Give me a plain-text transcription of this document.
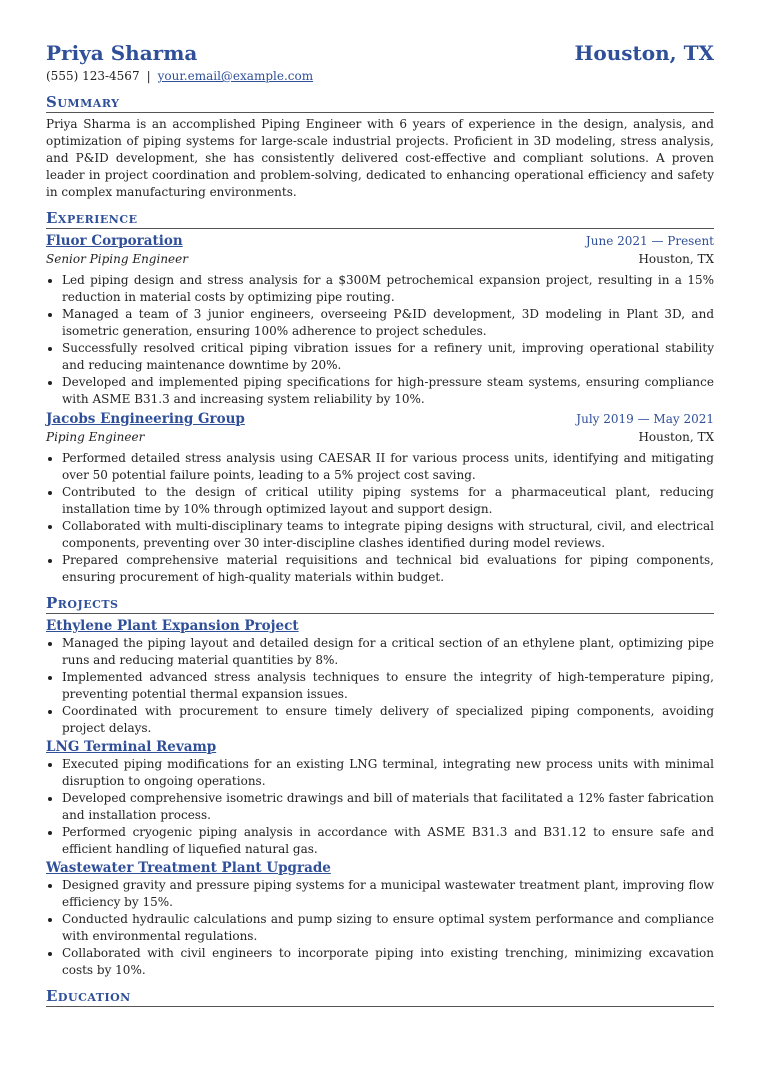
Priya Sharma	Houston, TX
(555) 123-4567 | your.email@example.com
Summary

Priya Sharma is an accomplished Piping Engineer with 6 years of experience in the design, analysis, and optimization of piping systems for large-scale industrial projects. Proficient in 3D modeling, stress analysis, and P&ID development, she has consistently delivered cost-effective and compliant solutions. A proven leader in project coordination and problem-solving, dedicated to enhancing operational efficiency and safety in complex manufacturing environments.

Experience
Fluor Corporation	June 2021 — Present
Senior Piping Engineer	Houston, TX
• Led piping design and stress analysis for a $300M petrochemical expansion project, resulting in a 15% reduction in material costs by optimizing pipe routing.
• Managed a team of 3 junior engineers, overseeing P&ID development, 3D modeling in Plant 3D, and isometric generation, ensuring 100% adherence to project schedules.
• Successfully resolved critical piping vibration issues for a refinery unit, improving operational stability and reducing maintenance downtime by 20%.
• Developed and implemented piping specifications for high-pressure steam systems, ensuring compliance with ASME B31.3 and increasing system reliability by 10%.
Jacobs Engineering Group	July 2019 — May 2021
Piping Engineer	Houston, TX
• Performed detailed stress analysis using CAESAR II for various process units, identifying and mitigating over 50 potential failure points, leading to a 5% project cost saving.
• Contributed to the design of critical utility piping systems for a pharmaceutical plant, reducing installation time by 10% through optimized layout and support design.
• Collaborated with multi-disciplinary teams to integrate piping designs with structural, civil, and electrical components, preventing over 30 inter-discipline clashes identified during model reviews.
• Prepared comprehensive material requisitions and technical bid evaluations for piping components, ensuring procurement of high-quality materials within budget.
Projects
Ethylene Plant Expansion Project
• Managed the piping layout and detailed design for a critical section of an ethylene plant, optimizing pipe runs and reducing material quantities by 8%.
• Implemented advanced stress analysis techniques to ensure the integrity of high-temperature piping, preventing potential thermal expansion issues.
• Coordinated with procurement to ensure timely delivery of specialized piping components, avoiding project delays.
LNG Terminal Revamp
• Executed piping modifications for an existing LNG terminal, integrating new process units with minimal disruption to ongoing operations.
• Developed comprehensive isometric drawings and bill of materials that facilitated a 12% faster fabrication and installation process.
• Performed cryogenic piping analysis in accordance with ASME B31.3 and B31.12 to ensure safe and efficient handling of liquefied natural gas.
Wastewater Treatment Plant Upgrade
• Designed gravity and pressure piping systems for a municipal wastewater treatment plant, improving flow efficiency by 15%.
• Conducted hydraulic calculations and pump sizing to ensure optimal system performance and compliance with environmental regulations.
• Collaborated with civil engineers to incorporate piping into existing trenching, minimizing excavation costs by 10%.
Education
